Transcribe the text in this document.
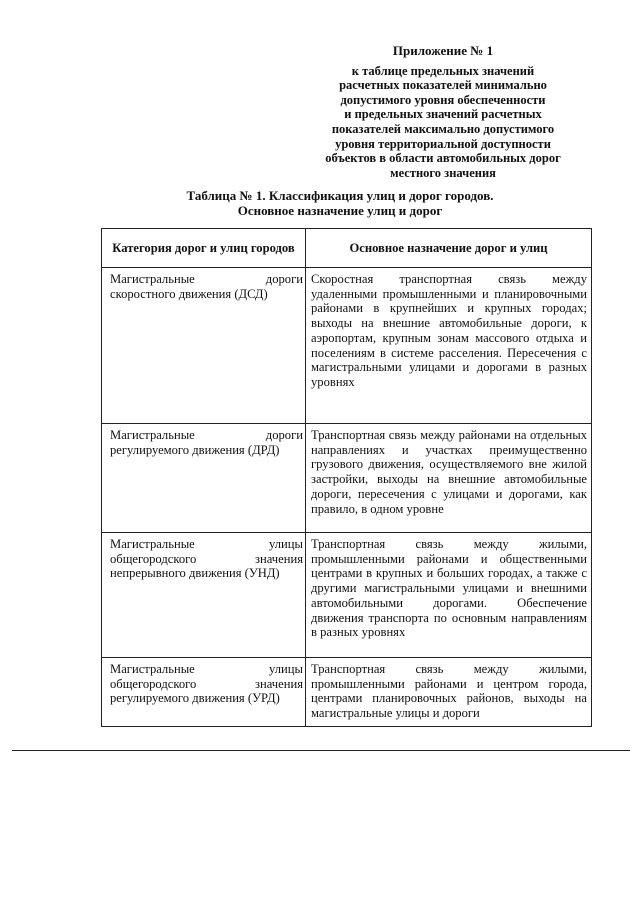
Приложение № 1
к таблице предельных значений
расчетных показателей минимально
допустимого уровня обеспеченности
и предельных значений расчетных
показателей максимально допустимого
уровня территориальной доступности
объектов в области автомобильных дорог
местного значения
Таблица № 1. Классификация улиц и дорог городов.
Основное назначение улиц и дорог
Категория дорог и улиц городов	Основное назначение дорог и улиц
Магистральные дороги скоростного движения (ДСД)	Скоростная транспортная связь между удаленными промышленными и планировочными районами в крупнейших и крупных городах; выходы на внешние автомобильные дороги, к аэропортам, крупным зонам массового отдыха и поселениям в системе расселения. Пересечения с магистральными улицами и дорогами в разных уровнях
Магистральные дороги регулируемого движения (ДРД)	Транспортная связь между районами на отдельных направлениях и участках преимущественно грузового движения, осуществляемого вне жилой застройки, выходы на внешние автомобильные дороги, пересечения с улицами и дорогами, как правило, в одном уровне
Магистральные улицы общегородского значения непрерывного движения (УНД)	Транспортная связь между жилыми, промышленными районами и общественными центрами в крупных и больших городах, а также с другими магистральными улицами и внешними автомобильными дорогами. Обеспечение движения транспорта по основным направлениям в разных уровнях
Магистральные улицы общегородского значения регулируемого движения (УРД)	Транспортная связь между жилыми, промышленными районами и центром города, центрами планировочных районов, выходы на магистральные улицы и дороги
